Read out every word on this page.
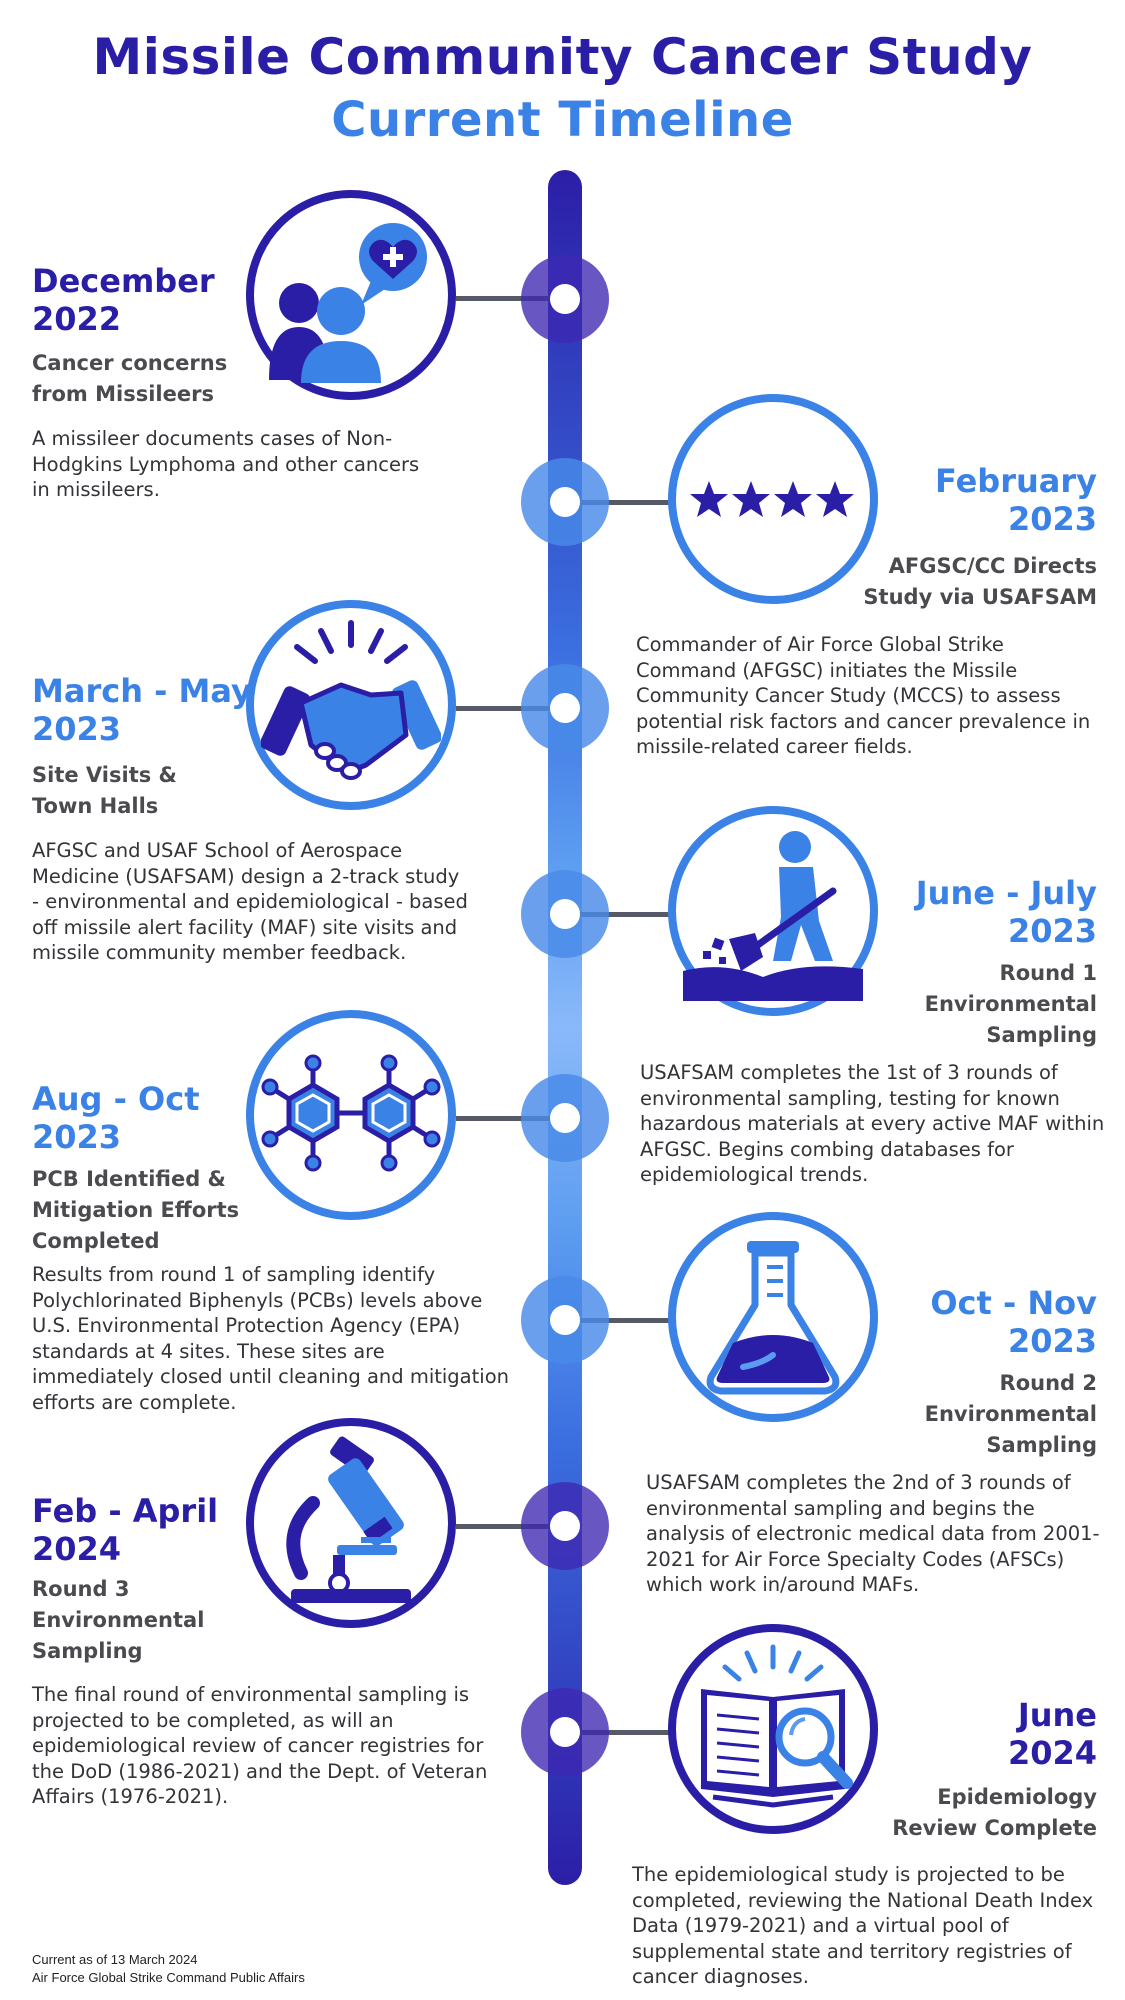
Missile Community Cancer Study
Current Timeline

December
2022

Cancer concerns
from Missileers

A missileer documents cases of Non-Hodgkins Lymphoma and other cancers in missileers.	February
2023

AFGSC/CC Directs
Study via USAFSAM

Commander of Air Force Global Strike Command (AFGSC) initiates the Missile Community Cancer Study (MCCS) to assess potential risk factors and cancer prevalence in missile-related career fields.

March - May
2023

Site Visits &
Town Halls

AFGSC and USAF School of Aerospace Medicine (USAFSAM) design a 2-track study - environmental and epidemiological - based off missile alert facility (MAF) site visits and missile community member feedback.

June - July
2023

Round 1
Environmental
Sampling

USAFSAM completes the 1st of 3 rounds of environmental sampling, testing for known hazardous materials at every active MAF within AFGSC. Begins combing databases for epidemiological trends.

Aug - Oct
2023

PCB Identified &
Mitigation Efforts
Completed

Results from round 1 of sampling identify Polychlorinated Biphenyls (PCBs) levels above U.S. Environmental Protection Agency (EPA) standards at 4 sites. These sites are immediately closed until cleaning and mitigation efforts are complete.

Oct - Nov
2023

Round 2
Environmental
Sampling

USAFSAM completes the 2nd of 3 rounds of environmental sampling and begins the analysis of electronic medical data from 2001-2021 for Air Force Specialty Codes (AFSCs) which work in/around MAFs.

Feb - April
2024

Round 3
Environmental
Sampling

The final round of environmental sampling is projected to be completed, as will an epidemiological review of cancer registries for the DoD (1986-2021) and the Dept. of Veteran Affairs (1976-2021).

June
2024

Epidemiology
Review Complete

The epidemiological study is projected to be completed, reviewing the National Death Index Data (1979-2021) and a virtual pool of supplemental state and territory registries of cancer diagnoses.

Current as of 13 March 2024

Air Force Global Strike Command Public Affairs
